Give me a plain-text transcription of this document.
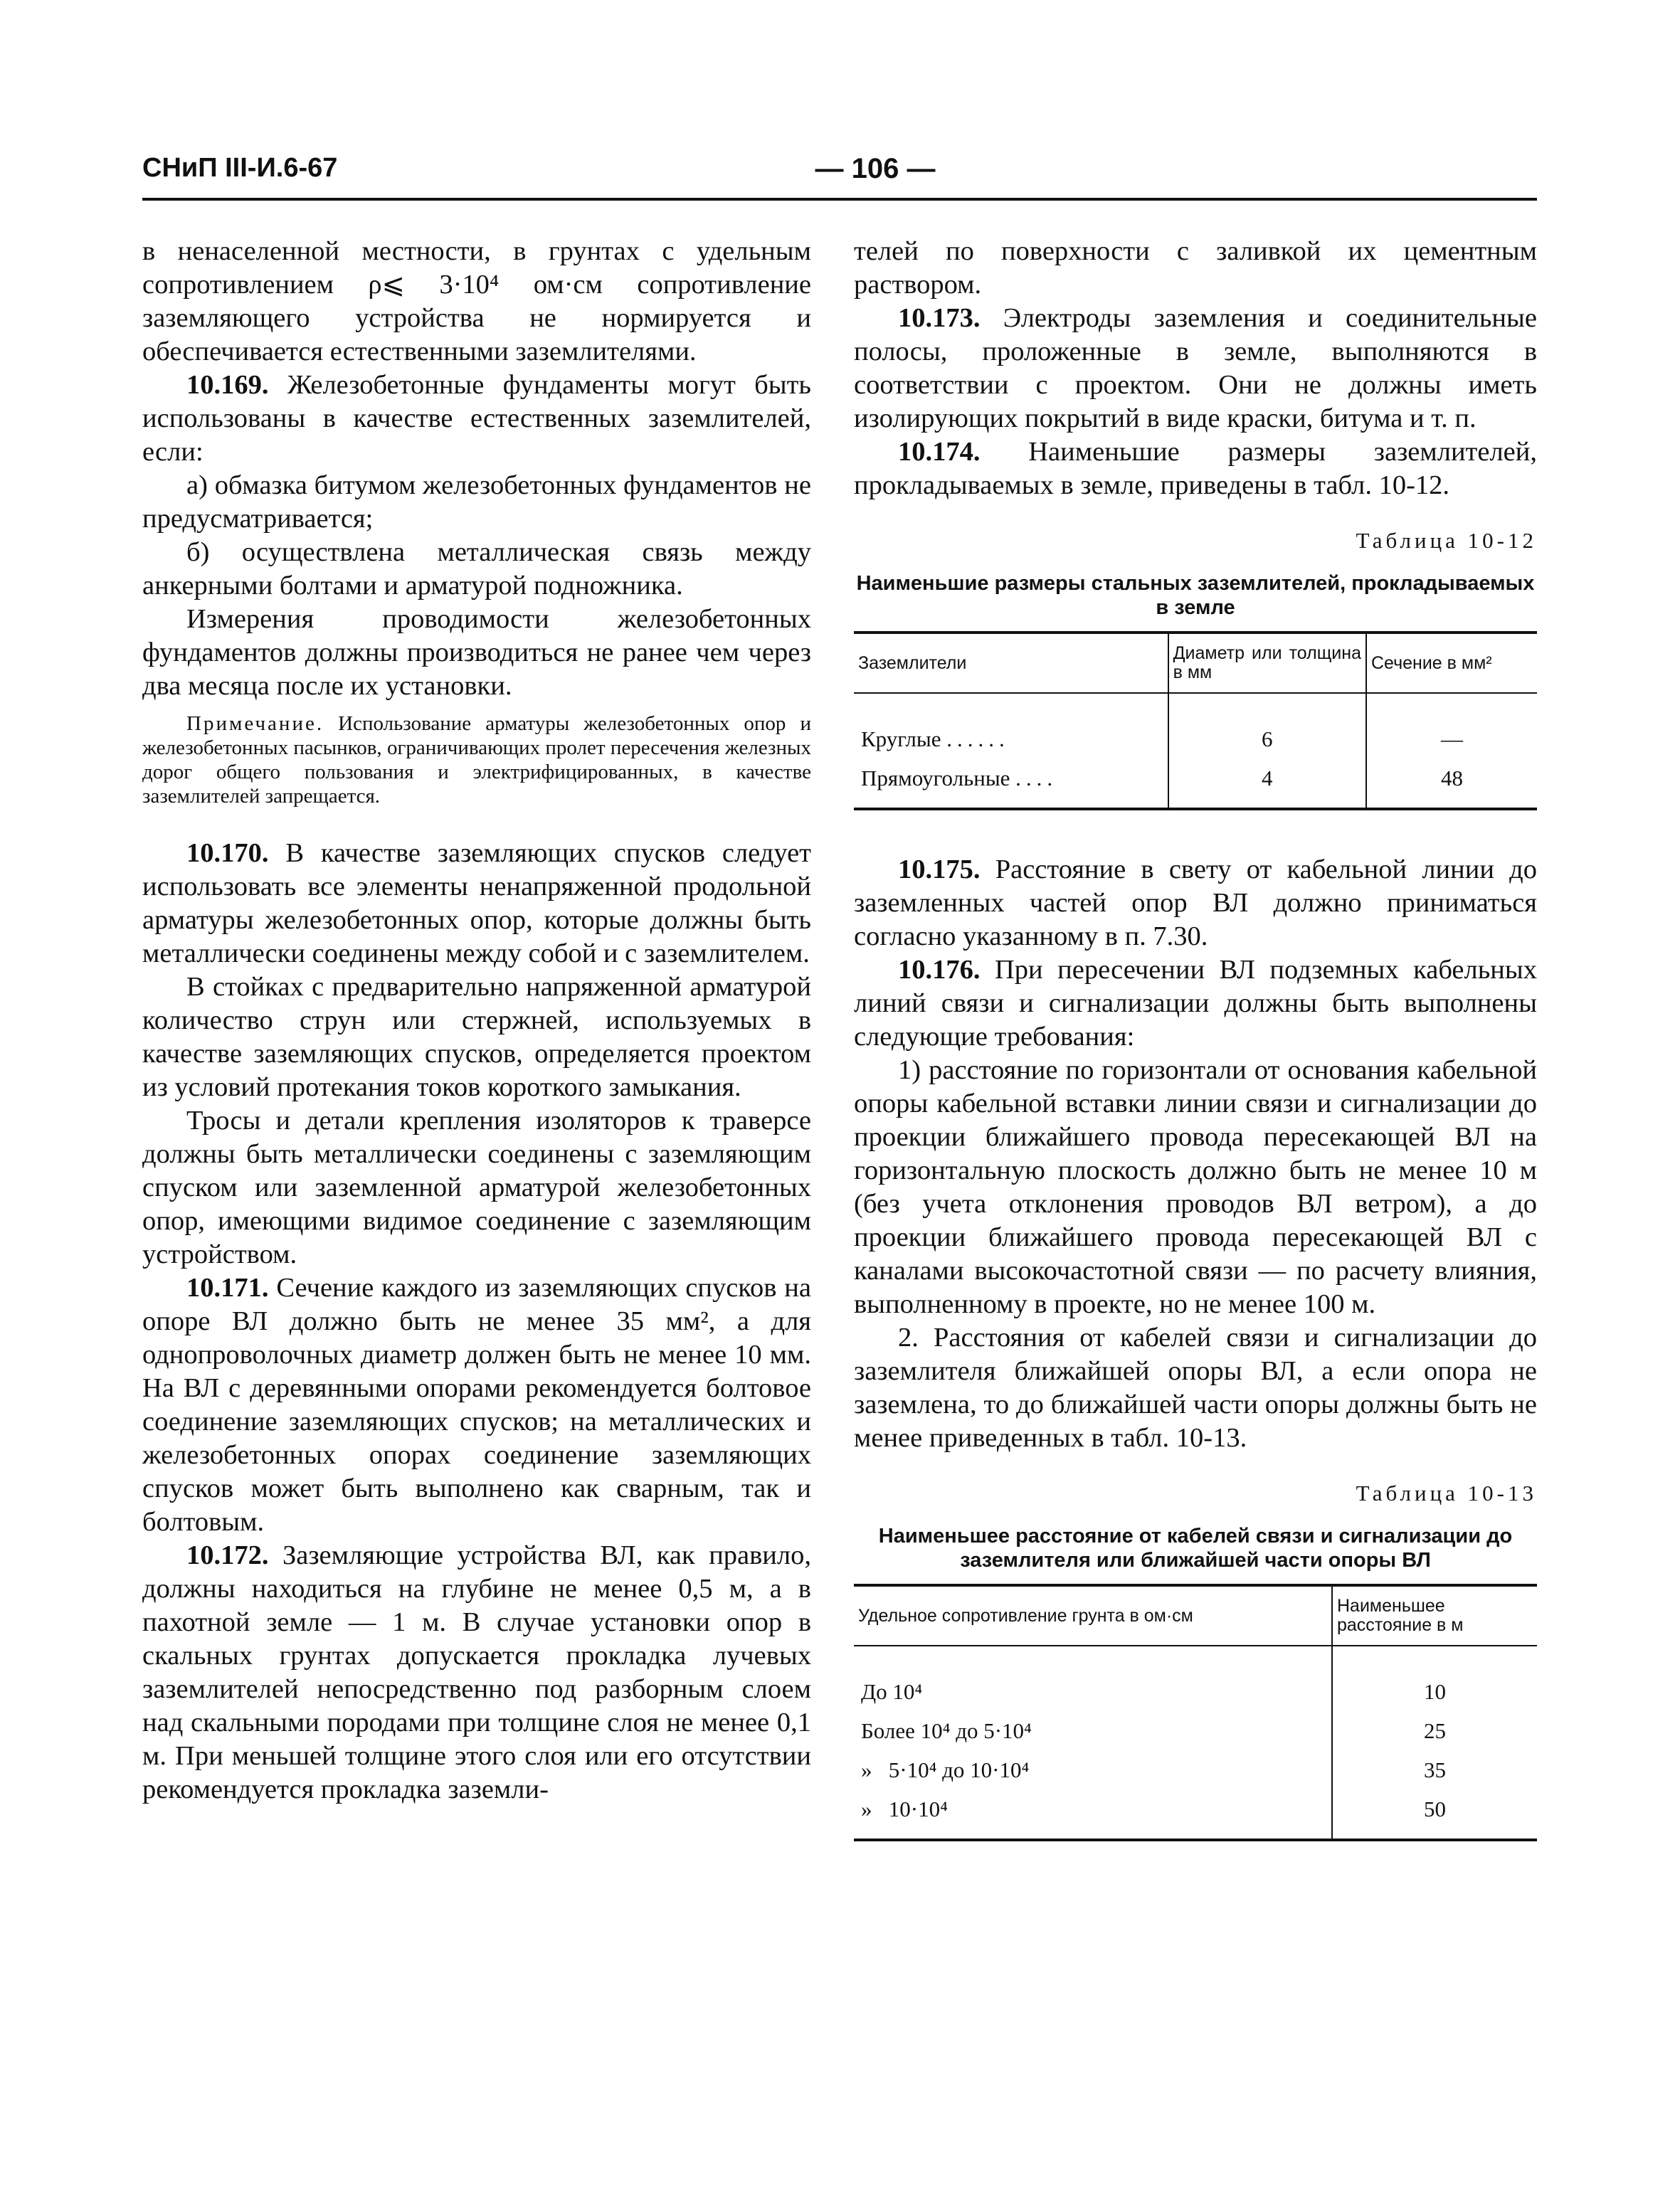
СНиП III-И.6-67	— 106 —

в ненаселенной местности, в грунтах с удельным сопротивлением ρ⩽ 3·10⁴ ом·см сопротивление заземляющего устройства не нормируется и обеспечивается естественными заземлителями.

10.169. Железобетонные фундаменты могут быть использованы в качестве естественных заземлителей, если:

а) обмазка битумом железобетонных фундаментов не предусматривается;

б) осуществлена металлическая связь между анкерными болтами и арматурой подножника.

Измерения проводимости железобетонных фундаментов должны производиться не ранее чем через два месяца после их установки.

Примечание. Использование арматуры железобетонных опор и железобетонных пасынков, ограничивающих пролет пересечения железных дорог общего пользования и электрифицированных, в качестве заземлителей запрещается.

10.170. В качестве заземляющих спусков следует использовать все элементы ненапряженной продольной арматуры железобетонных опор, которые должны быть металлически соединены между собой и с заземлителем.

В стойках с предварительно напряженной арматурой количество струн или стержней, используемых в качестве заземляющих спусков, определяется проектом из условий протекания токов короткого замыкания.

Тросы и детали крепления изоляторов к траверсе должны быть металлически соединены с заземляющим спуском или заземленной арматурой железобетонных опор, имеющими видимое соединение с заземляющим устройством.

10.171. Сечение каждого из заземляющих спусков на опоре ВЛ должно быть не менее 35 мм², а для однопроволочных диаметр должен быть не менее 10 мм. На ВЛ с деревянными опорами рекомендуется болтовое соединение заземляющих спусков; на металлических и железобетонных опорах соединение заземляющих спусков может быть выполнено как сварным, так и болтовым.

10.172. Заземляющие устройства ВЛ, как правило, должны находиться на глубине не менее 0,5 м, а в пахотной земле — 1 м. В случае установки опор в скальных грунтах допускается прокладка лучевых заземлителей непосредственно под разборным слоем над скальными породами при толщине слоя не менее 0,1 м. При меньшей толщине этого слоя или его отсутствии рекомендуется прокладка заземли-

телей по поверхности с заливкой их цементным раствором.

10.173. Электроды заземления и соединительные полосы, проложенные в земле, выполняются в соответствии с проектом. Они не должны иметь изолирующих покрытий в виде краски, битума и т. п.

10.174. Наименьшие размеры заземлителей, прокладываемых в земле, приведены в табл. 10-12.

Таблица 10-12

Наименьшие размеры стальных заземлителей, прокладываемых в земле

Заземлители	Диаметр или толщина в мм	Сечение в мм²

Круглые ......	6	—
Прямоугольные ....	4	48

10.175. Расстояние в свету от кабельной линии до заземленных частей опор ВЛ должно приниматься согласно указанному в п. 7.30.

10.176. При пересечении ВЛ подземных кабельных линий связи и сигнализации должны быть выполнены следующие требования:

1) расстояние по горизонтали от основания кабельной опоры кабельной вставки линии связи и сигнализации до проекции ближайшего провода пересекающей ВЛ на горизонтальную плоскость должно быть не менее 10 м (без учета отклонения проводов ВЛ ветром), а до проекции ближайшего провода пересекающей ВЛ с каналами высокочастотной связи — по расчету влияния, выполненному в проекте, но не менее 100 м.

2. Расстояния от кабелей связи и сигнализации до заземлителя ближайшей опоры ВЛ, а если опора не заземлена, то до ближайшей части опоры должны быть не менее приведенных в табл. 10-13.

Таблица 10-13

Наименьшее расстояние от кабелей связи и сигнализации до заземлителя или ближайшей части опоры ВЛ

Удельное сопротивление грунта в ом·см	Наименьшее расстояние в м

До 10⁴	10
Более 10⁴ до 5·10⁴	25
»   5·10⁴ до 10·10⁴	35
»   10·10⁴	50
